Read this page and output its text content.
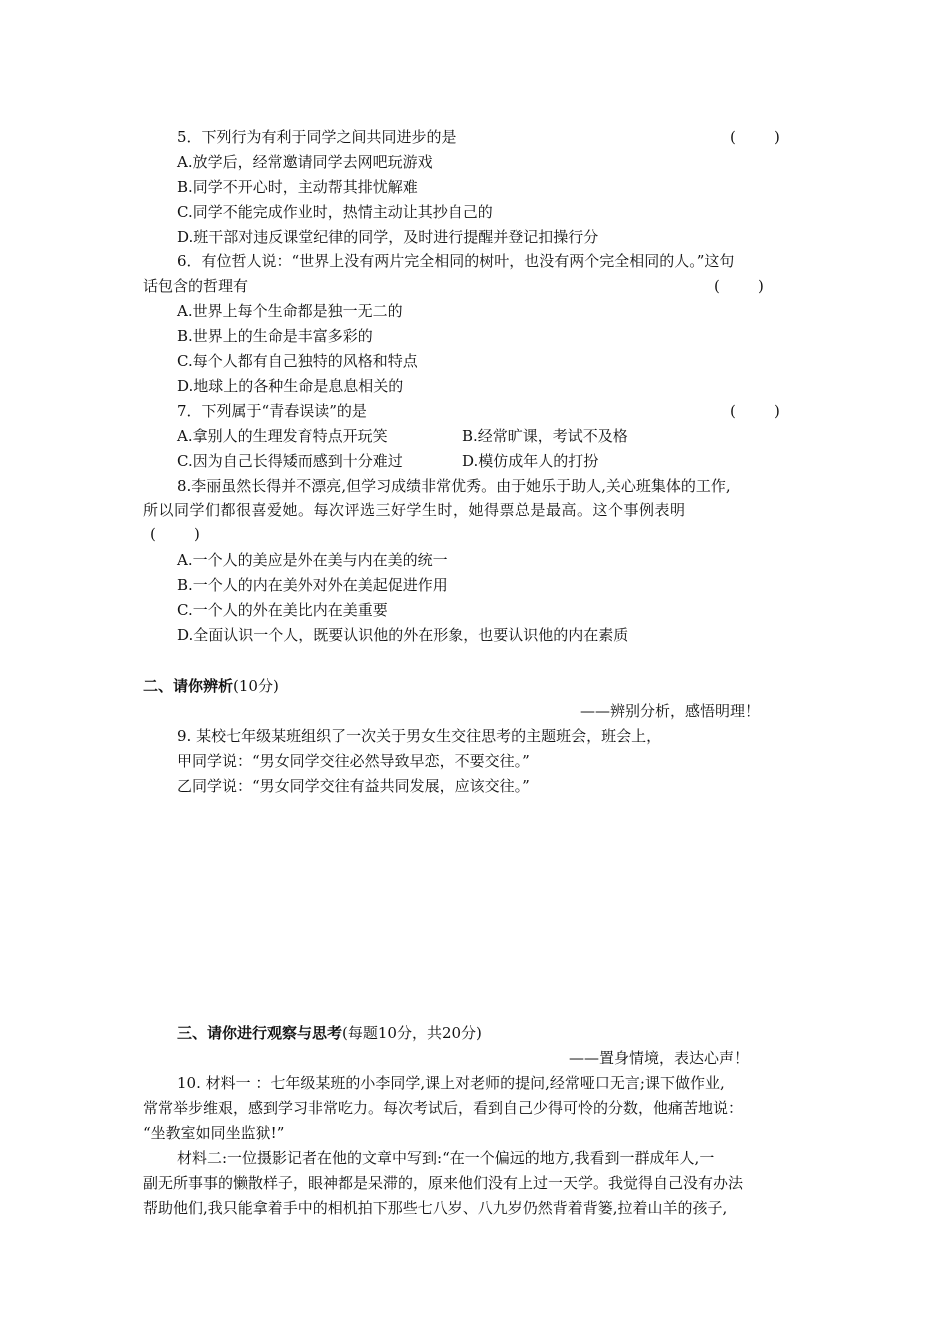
5．下列行为有利于同学之间共同进步的是	(        )
A.放学后，经常邀请同学去网吧玩游戏
B.同学不开心时，主动帮其排忧解难
C.同学不能完成作业时，热情主动让其抄自己的
D.班干部对违反课堂纪律的同学，及时进行提醒并登记扣操行分
6．有位哲人说：“世界上没有两片完全相同的树叶，也没有两个完全相同的人。”这句
话包含的哲理有	(        )
A.世界上每个生命都是独一无二的
B.世界上的生命是丰富多彩的
C.每个人都有自己独特的风格和特点
D.地球上的各种生命是息息相关的
7．下列属于“青春误读”的是	(        )
A.拿别人的生理发育特点开玩笑	B.经常旷课，考试不及格
C.因为自己长得矮而感到十分难过	D.模仿成年人的打扮
8.李丽虽然长得并不漂亮,但学习成绩非常优秀。由于她乐于助人,关心班集体的工作,
所以同学们都很喜爱她。每次评选三好学生时，她得票总是最高。这个事例表明
(        )
A.一个人的美应是外在美与内在美的统一
B.一个人的内在美外对外在美起促进作用
C.一个人的外在美比内在美重要
D.全面认识一个人，既要认识他的外在形象，也要认识他的内在素质
二、请你辨析(10分)
——辨别分析，感悟明理！
9. 某校七年级某班组织了一次关于男女生交往思考的主题班会，班会上，
甲同学说：“男女同学交往必然导致早恋，不要交往。”
乙同学说：“男女同学交往有益共同发展，应该交往。”
三、请你进行观察与思考(每题10分，共20分)
——置身情境，表达心声！
10. 材料一 ：七年级某班的小李同学,课上对老师的提问,经常哑口无言;课下做作业,
常常举步维艰，感到学习非常吃力。每次考试后，看到自己少得可怜的分数，他痛苦地说：
“坐教室如同坐监狱!”
材料二:一位摄影记者在他的文章中写到:“在一个偏远的地方,我看到一群成年人,一
副无所事事的懒散样子，眼神都是呆滞的，原来他们没有上过一天学。我觉得自己没有办法
帮助他们,我只能拿着手中的相机拍下那些七八岁、八九岁仍然背着背篓,拉着山羊的孩子,
